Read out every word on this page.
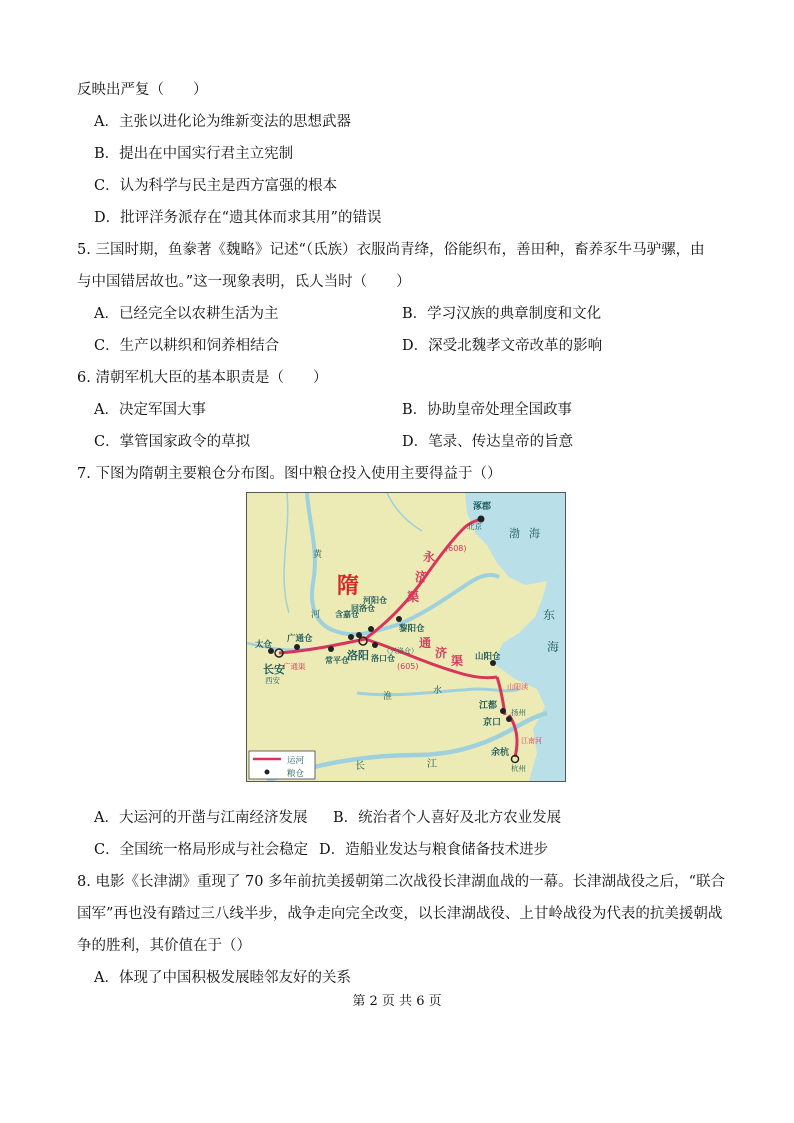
反映出严复（　　）
A．主张以进化论为维新变法的思想武器
B．提出在中国实行君主立宪制
C．认为科学与民主是西方富强的根本
D．批评洋务派存在“遗其体而求其用”的错误
5. 三国时期，鱼豢著《魏略》记述“（氐族）衣服尚青绛，俗能织布，善田种，畜养豕牛马驴骡，由
与中国错居故也。”这一现象表明，氐人当时（　　）
A．已经完全以农耕生活为主	B．学习汉族的典章制度和文化
C．生产以耕织和饲养相结合	D．深受北魏孝文帝改革的影响
6. 清朝军机大臣的基本职责是（　　）
A．决定军国大事	B．协助皇帝处理全国政事
C．掌管国家政令的草拟	D．笔录、传达皇帝的旨意
7. 下图为隋朝主要粮仓分布图。图中粮仓投入使用主要得益于（）
隋
涿郡
北京
洛阳
长安
西安
江都
扬州
京口
余杭
杭州
太仓
广通仓
含嘉仓
回洛仓
河阳仓
黎阳仓
常平仓	洛口仓
（兴洛仓）
山阳仓
永
济
渠
(608)
通
济
渠
(605)
广通渠
山阳渎
江南河
渤 海
东
海
黄
河
淮
水
长	江
运河
粮仓
A．大运河的开凿与江南经济发展 B．统治者个人喜好及北方农业发展
C．全国统一格局形成与社会稳定 D．造船业发达与粮食储备技术进步
8. 电影《长津湖》重现了 70 多年前抗美援朝第二次战役长津湖血战的一幕。长津湖战役之后，“联合
国军”再也没有踏过三八线半步，战争走向完全改变，以长津湖战役、上甘岭战役为代表的抗美援朝战
争的胜利，其价值在于（）
A．体现了中国积极发展睦邻友好的关系
第 2 页 共 6 页
